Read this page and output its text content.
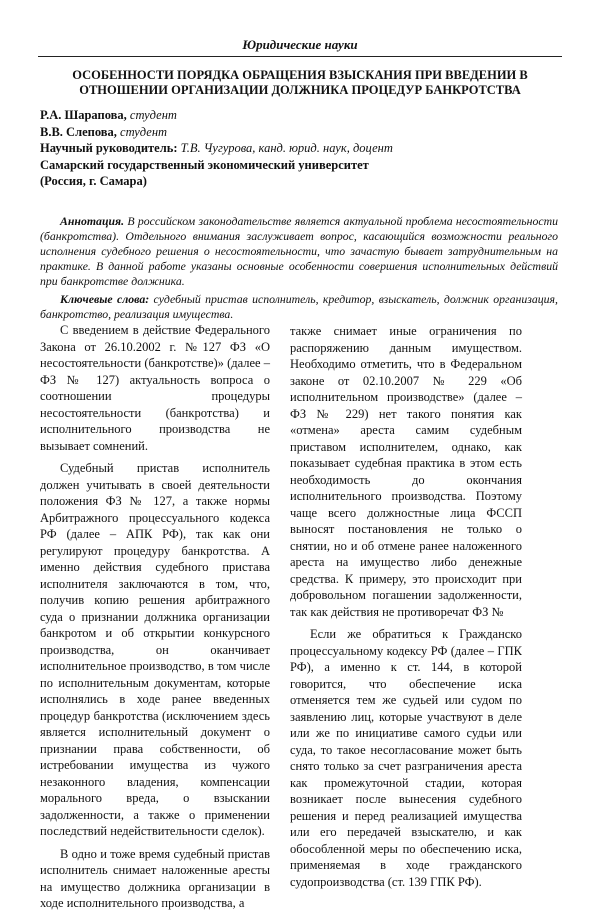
Юридические науки
ОСОБЕННОСТИ ПОРЯДКА ОБРАЩЕНИЯ ВЗЫСКАНИЯ ПРИ ВВЕДЕНИИ В ОТНОШЕНИИ ОРГАНИЗАЦИИ ДОЛЖНИКА ПРОЦЕДУР БАНКРОТСТВА
Р.А. Шарапова, студент
В.В. Слепова, студент
Научный руководитель: Т.В. Чугурова, канд. юрид. наук, доцент
Самарский государственный экономический университет
(Россия, г. Самара)

Аннотация. В российском законодательстве является актуальной проблема несостоятельности (банкротства). Отдельного внимания заслуживает вопрос, касающийся возможности реального исполнения судебного решения о несостоятельности, что зачастую бывает затруднительным на практике. В данной работе указаны основные особенности совершения исполнительных действий при банкротстве должника.

Ключевые слова: судебный пристав исполнитель, кредитор, взыскатель, должник организация, банкротство, реализация имущества.

С введением в действие Федерального Закона от 26.10.2002 г. №127 ФЗ «О несостоятельности (банкротстве)» (далее – ФЗ № 127) актуальность вопроса о соотношении процедуры несостоятельности (банкротства) и исполнительного производства не вызывает сомнений.

Судебный пристав исполнитель должен учитывать в своей деятельности положения ФЗ № 127, а также нормы Арбитражного процессуального кодекса РФ (далее – АПК РФ), так как они регулируют процедуру банкротства. А именно действия судебного пристава исполнителя заключаются в том, что, получив копию решения арбитражного суда о признании должника организации банкротом и об открытии конкурсного производства, он оканчивает исполнительное производство, в том числе по исполнительным документам, которые исполнялись в ходе ранее введенных процедур банкротства (исключением здесь является исполнительный документ о признании права собственности, об истребовании имущества из чужого незаконного владения, компенсации морального вреда, о взыскании задолженности, а также о применении последствий недействительности сделок).

В одно и тоже время судебный пристав исполнитель снимает наложенные аресты на имущество должника организации в ходе исполнительного производства, а

также снимает иные ограничения по распоряжению данным имуществом. Необходимо отметить, что в Федеральном законе от 02.10.2007 № 229 «Об исполнительном производстве» (далее – ФЗ № 229) нет такого понятия как «отмена» ареста самим судебным приставом исполнителем, однако, как показывает судебная практика в этом есть необходимость до окончания исполнительного производства. Поэтому чаще всего должностные лица ФССП выносят постановления не только о снятии, но и об отмене ранее наложенного ареста на имущество либо денежные средства. К примеру, это происходит при добровольном погашении задолженности, так как действия не противоречат ФЗ №

Если же обратиться к Гражданско процессуальному кодексу РФ (далее – ГПК РФ), а именно к ст. 144, в которой говорится, что обеспечение иска отменяется тем же судьей или судом по заявлению лиц, которые участвуют в деле или же по инициативе самого судьи или суда, то такое несогласование может быть снято только за счет разграничения ареста как промежуточной стадии, которая возникает после вынесения судебного решения и перед реализацией имущества или его передачей взыскателю, и как обособленной меры по обеспечению иска, применяемая в ходе гражданского судопроизводства (ст. 139 ГПК РФ).
